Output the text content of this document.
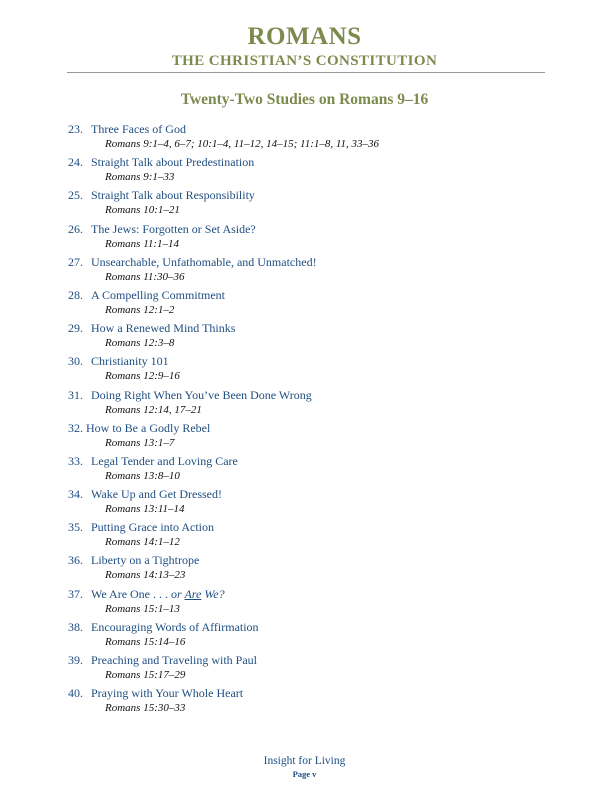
ROMANS
THE CHRISTIAN’S CONSTITUTION
Twenty-Two Studies on Romans 9–16
23. Three Faces of God
Romans 9:1–4, 6–7; 10:1–4, 11–12, 14–15; 11:1–8, 11, 33–36
24. Straight Talk about Predestination
Romans 9:1–33
25. Straight Talk about Responsibility
Romans 10:1–21
26. The Jews: Forgotten or Set Aside?
Romans 11:1–14
27. Unsearchable, Unfathomable, and Unmatched!
Romans 11:30–36
28. A Compelling Commitment
Romans 12:1–2
29. How a Renewed Mind Thinks
Romans 12:3–8
30. Christianity 101
Romans 12:9–16
31. Doing Right When You’ve Been Done Wrong
Romans 12:14, 17–21
32. How to Be a Godly Rebel
Romans 13:1–7
33. Legal Tender and Loving Care
Romans 13:8–10
34. Wake Up and Get Dressed!
Romans 13:11–14
35. Putting Grace into Action
Romans 14:1–12
36. Liberty on a Tightrope
Romans 14:13–23
37. We Are One . . . or Are We?
Romans 15:1–13
38. Encouraging Words of Affirmation
Romans 15:14–16
39. Preaching and Traveling with Paul
Romans 15:17–29
40. Praying with Your Whole Heart
Romans 15:30–33
Insight for Living
Page v
